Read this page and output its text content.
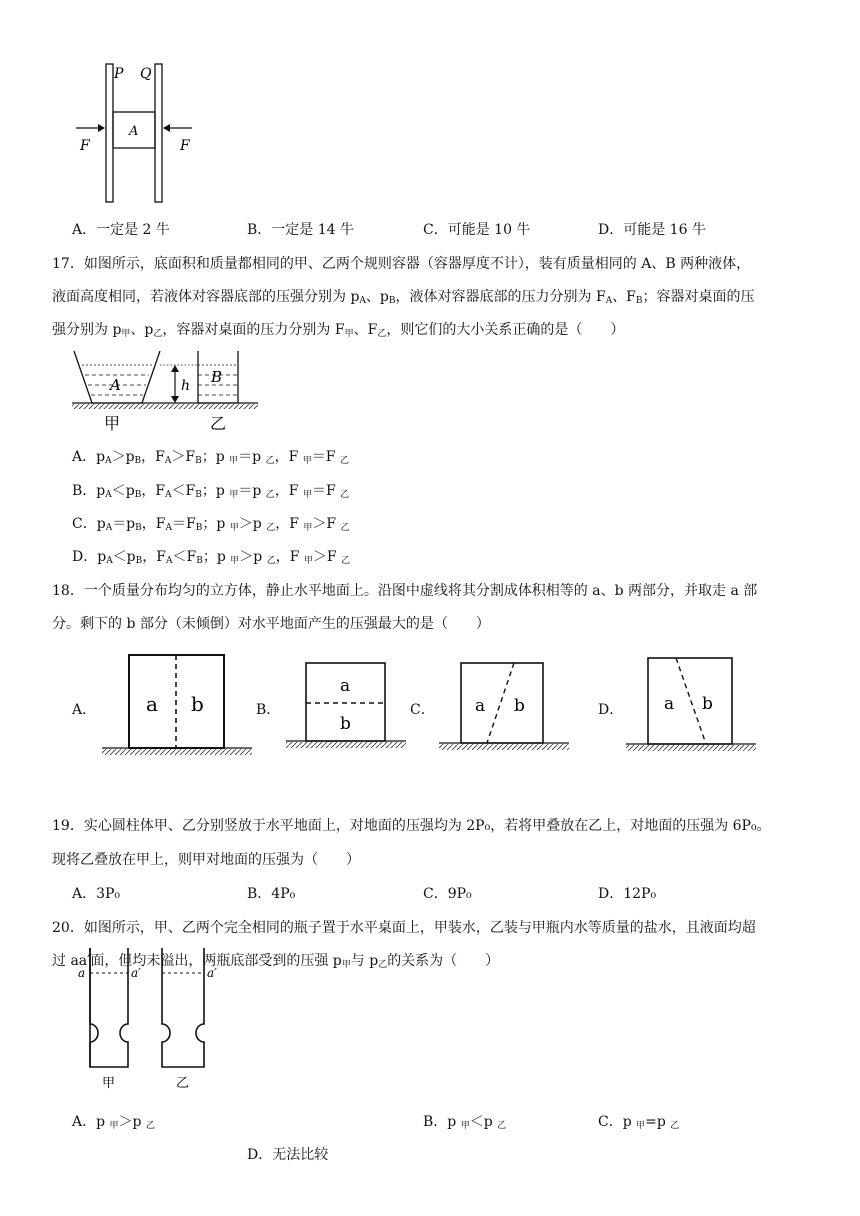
P Q
A
F	F
A．一定是 2 牛	B．一定是 14 牛	C．可能是 10 牛	D．可能是 16 牛
17．如图所示，底面积和质量都相同的甲、乙两个规则容器（容器厚度不计），装有质量相同的 A、B 两种液体，
液面高度相同，若液体对容器底部的压强分别为 $p_A$、$p_B$，液体对容器底部的压力分别为 $F_A$、$F_B$；容器对桌面的压
强分别为 $p_甲$、$p_乙$，容器对桌面的压力分别为 $F_甲$、$F_乙$，则它们的大小关系正确的是（　　）
A	h B
甲	乙
A．$p_A>p_B$，$F_A>F_B$；p $_甲$＝p $_乙$，F $_甲$＝F $_乙$
B．$p_A<p_B$，$F_A<F_B$；p $_甲$＝p $_乙$，F $_甲$＝F $_乙$
C．$p_A=p_B$，$F_A=F_B$；p $_甲$＞p $_乙$，F $_甲$＞F $_乙$
D．$p_A<p_B$，$F_A<F_B$；p $_甲$＞p $_乙$，F $_甲$＞F $_乙$
18．一个质量分布均匀的立方体，静止水平地面上。沿图中虚线将其分割成体积相等的 a、b 两部分，并取走 a 部
分。剩下的 b 部分（未倾倒）对水平地面产生的压强最大的是（　　）
A． a b	B．
a
b
C． a b	D． a b
19．实心圆柱体甲、乙分别竖放于水平地面上，对地面的压强均为 2P₀，若将甲叠放在乙上，对地面的压强为 6P₀。
现将乙叠放在甲上，则甲对地面的压强为（　　）
A．3P₀	B．4P₀	C．9P₀	D．12P₀
20．如图所示，甲、乙两个完全相同的瓶子置于水平桌面上，甲装水，乙装与甲瓶内水等质量的盐水，且液面均超
过 aa′面，但均未溢出，两瓶底部受到的压强 $p_甲$与 $p_乙$的关系为（　　）
a	a′	a′
甲	乙
A．p $_甲$＞p $_乙$	B．p $_甲$＜p $_乙$	C．p $_甲$=p $_乙$
D．无法比较
